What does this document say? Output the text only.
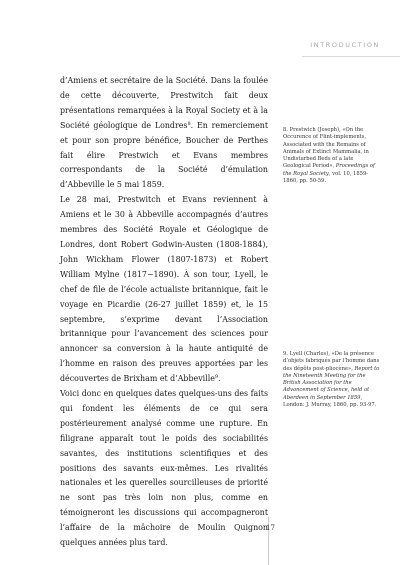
INTRODUCTION

d’Amiens et secrétaire de la Société. Dans la foulée de cette découverte, Prestwitch fait deux présentations remarquées à la Royal Society et à la Société géologique de Londres$^8$. En remerciement et pour son propre bénéfice, Boucher de Perthes fait élire Prestwich et Evans membres correspondants de la Société d’émulation d’Abbeville le 5 mai 1859.

Le 28 mai, Prestwitch et Evans reviennent à Amiens et le 30 à Abbeville accompagnés d’autres membres des Société Royale et Géologique de Londres, dont Robert Godwin-Austen (1808-1884), John Wickham Flower (1807-1873) et Robert William Mylne (1817−1890). À son tour, Lyell, le chef de file de l’école actualiste britannique, fait le voyage en Picardie (26-27 juillet 1859) et, le 15 septembre, s’exprime devant l’Association britannique pour l’avancement des sciences pour annoncer sa conversion à la haute antiquité de l’homme en raison des preuves apportées par les découvertes de Brixham et d’Abbeville$^9$.

Voici donc en quelques dates quelques-uns des faits qui fondent les éléments de ce qui sera postérieurement analysé comme une rupture. En filigrane apparaît tout le poids des sociabilités savantes, des institutions scientifiques et des positions des savants eux-mêmes. Les rivalités nationales et les querelles sourcilleuses de priorité ne sont pas très loin non plus, comme en témoigneront les discussions qui accompagneront l’affaire de la mâchoire de Moulin Quignon quelques années plus tard.

8. Prestwich (Joseph), «On the Occurence of Flint-implements, Associated with the Remains of Animals of Extinct Mammalia, in Undisturbed Beds of a late Geological Period», Proceedings of the Royal Society, vol. 10, 1859-1860, pp. 50-59.
9. Lyell (Charles), «De la présence d’objets fabriqués par l’homme dans des dépôts post-pliocène», Report to the Nineteenth Meeting for the British Association for the Advancement of Science, held at Aberdeen in September 1859, London: J. Murray, 1860, pp. 93-97.
17
